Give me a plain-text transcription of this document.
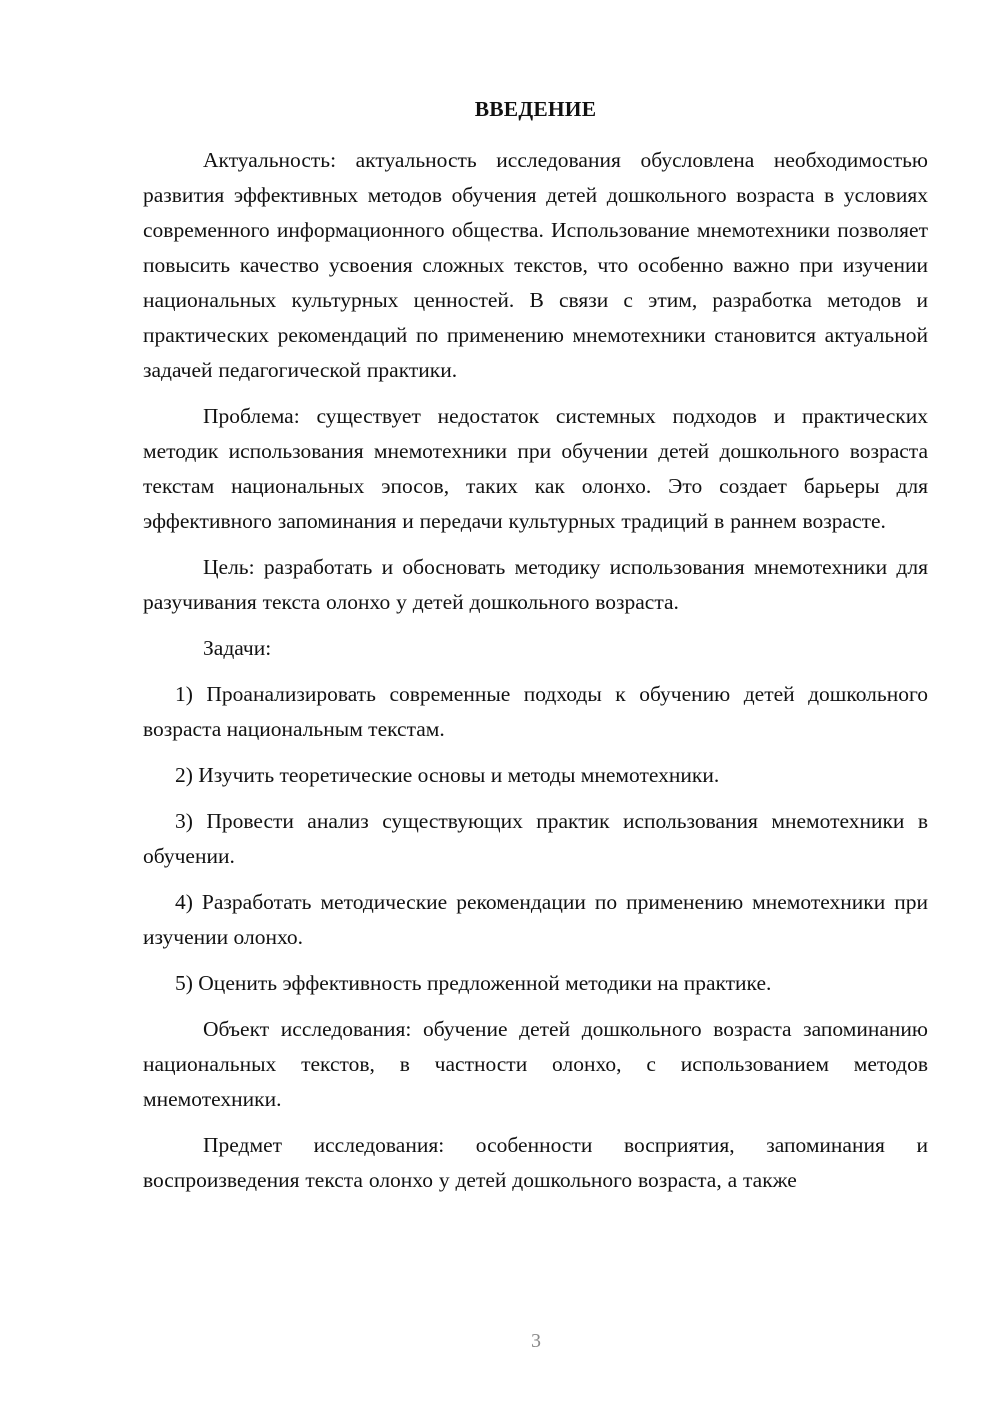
ВВЕДЕНИЕ

Актуальность: актуальность исследования обусловлена необходимостью развития эффективных методов обучения детей дошкольного возраста в условиях современного информационного общества. Использование мнемотехники позволяет повысить качество усвоения сложных текстов, что особенно важно при изучении национальных культурных ценностей. В связи с этим, разработка методов и практических рекомендаций по применению мнемотехники становится актуальной задачей педагогической практики.

Проблема: существует недостаток системных подходов и практических методик использования мнемотехники при обучении детей дошкольного возраста текстам национальных эпосов, таких как олонхо. Это создает барьеры для эффективного запоминания и передачи культурных традиций в раннем возрасте.

Цель: разработать и обосновать методику использования мнемотехники для разучивания текста олонхо у детей дошкольного возраста.

Задачи:

1) Проанализировать современные подходы к обучению детей дошкольного возраста национальным текстам.

2) Изучить теоретические основы и методы мнемотехники.

3) Провести анализ существующих практик использования мнемотехники в обучении.

4) Разработать методические рекомендации по применению мнемотехники при изучении олонхо.

5) Оценить эффективность предложенной методики на практике.

Объект исследования: обучение детей дошкольного возраста запоминанию национальных текстов, в частности олонхо, с использованием методов мнемотехники.

Предмет исследования: особенности восприятия, запоминания и воспроизведения текста олонхо у детей дошкольного возраста, а также

3
